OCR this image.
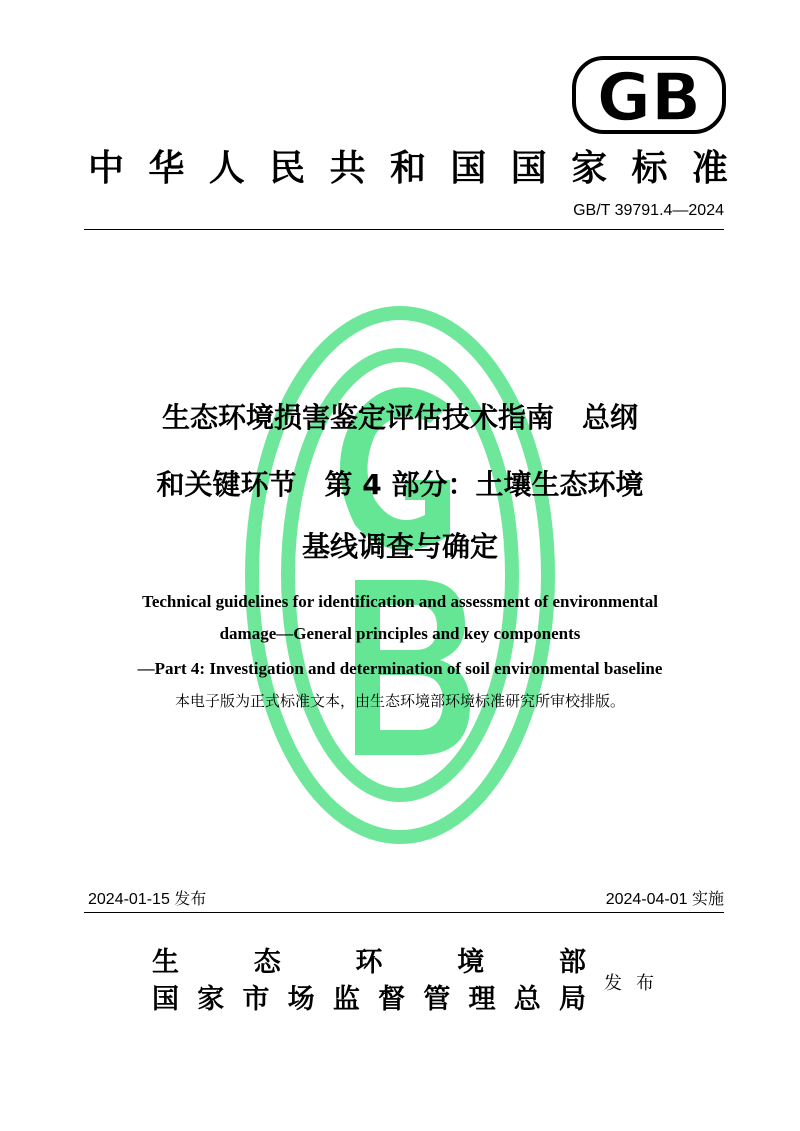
GB
中 华 人 民 共 和 国 国 家 标 准
GB/T 39791.4—2024
生态环境损害鉴定评估技术指南　总纲
和关键环节　第 4 部分：土壤生态环境
基线调查与确定
Technical guidelines for identification and assessment of environmental
damage—General principles and key components
—Part 4: Investigation and determination of soil environmental baseline
本电子版为正式标准文本，由生态环境部环境标准研究所审校排版。
2024-01-15 发布	2024-04-01 实施
生	态	环	境	部
国 家 市 场 监 督 管 理 总 局
发布
